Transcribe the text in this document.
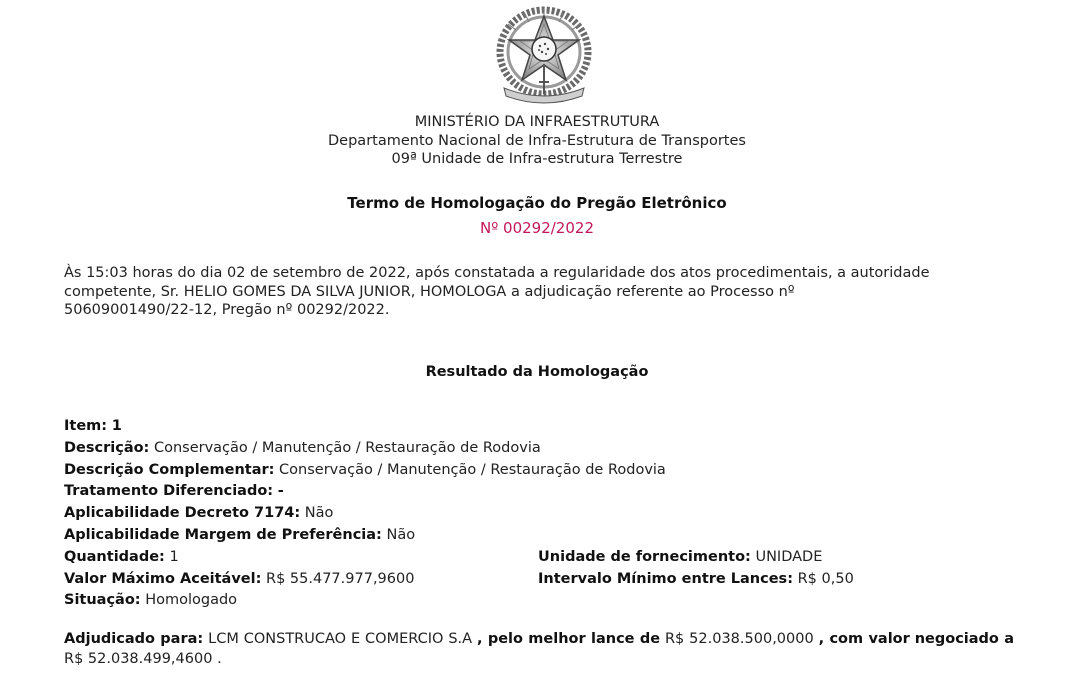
MINISTÉRIO DA INFRAESTRUTURA
Departamento Nacional de Infra-Estrutura de Transportes
09ª Unidade de Infra-estrutura Terrestre
Termo de Homologação do Pregão Eletrônico
Nº 00292/2022
Às 15:03 horas do dia 02 de setembro de 2022, após constatada a regularidade dos atos procedimentais, a autoridade
competente, Sr. HELIO GOMES DA SILVA JUNIOR, HOMOLOGA a adjudicação referente ao Processo nº
50609001490/22-12, Pregão nº 00292/2022.
Resultado da Homologação
Item: 1
Descrição: Conservação / Manutenção / Restauração de Rodovia
Descrição Complementar: Conservação / Manutenção / Restauração de Rodovia
Tratamento Diferenciado: -
Aplicabilidade Decreto 7174: Não
Aplicabilidade Margem de Preferência: Não
Quantidade: 1	Unidade de fornecimento: UNIDADE
Valor Máximo Aceitável: R$ 55.477.977,9600	Intervalo Mínimo entre Lances: R$ 0,50
Situação: Homologado
Adjudicado para: LCM CONSTRUCAO E COMERCIO S.A , pelo melhor lance de R$ 52.038.500,0000 , com valor negociado a R$ 52.038.499,4600 .
